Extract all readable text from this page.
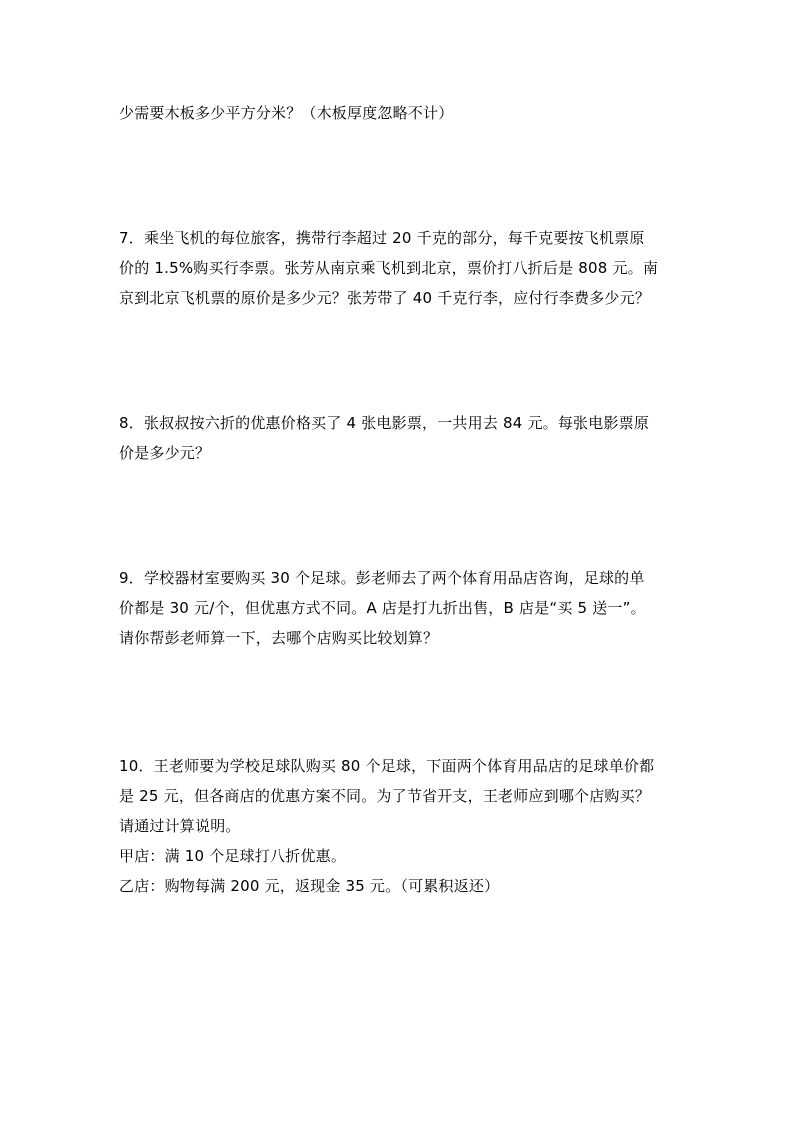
少需要木板多少平方分米？（木板厚度忽略不计）
7．乘坐飞机的每位旅客，携带行李超过 20 千克的部分，每千克要按飞机票原
价的 1.5%购买行李票。张芳从南京乘飞机到北京，票价打八折后是 808 元。南
京到北京飞机票的原价是多少元？张芳带了 40 千克行李，应付行李费多少元？
8．张叔叔按六折的优惠价格买了 4 张电影票，一共用去 84 元。每张电影票原
价是多少元？
9．学校器材室要购买 30 个足球。彭老师去了两个体育用品店咨询，足球的单
价都是 30 元/个，但优惠方式不同。A 店是打九折出售，B 店是“买 5 送一”。
请你帮彭老师算一下，去哪个店购买比较划算？
10．王老师要为学校足球队购买 80 个足球，下面两个体育用品店的足球单价都
是 25 元，但各商店的优惠方案不同。为了节省开支，王老师应到哪个店购买？
请通过计算说明。
甲店：满 10 个足球打八折优惠。
乙店：购物每满 200 元，返现金 35 元。（可累积返还）
